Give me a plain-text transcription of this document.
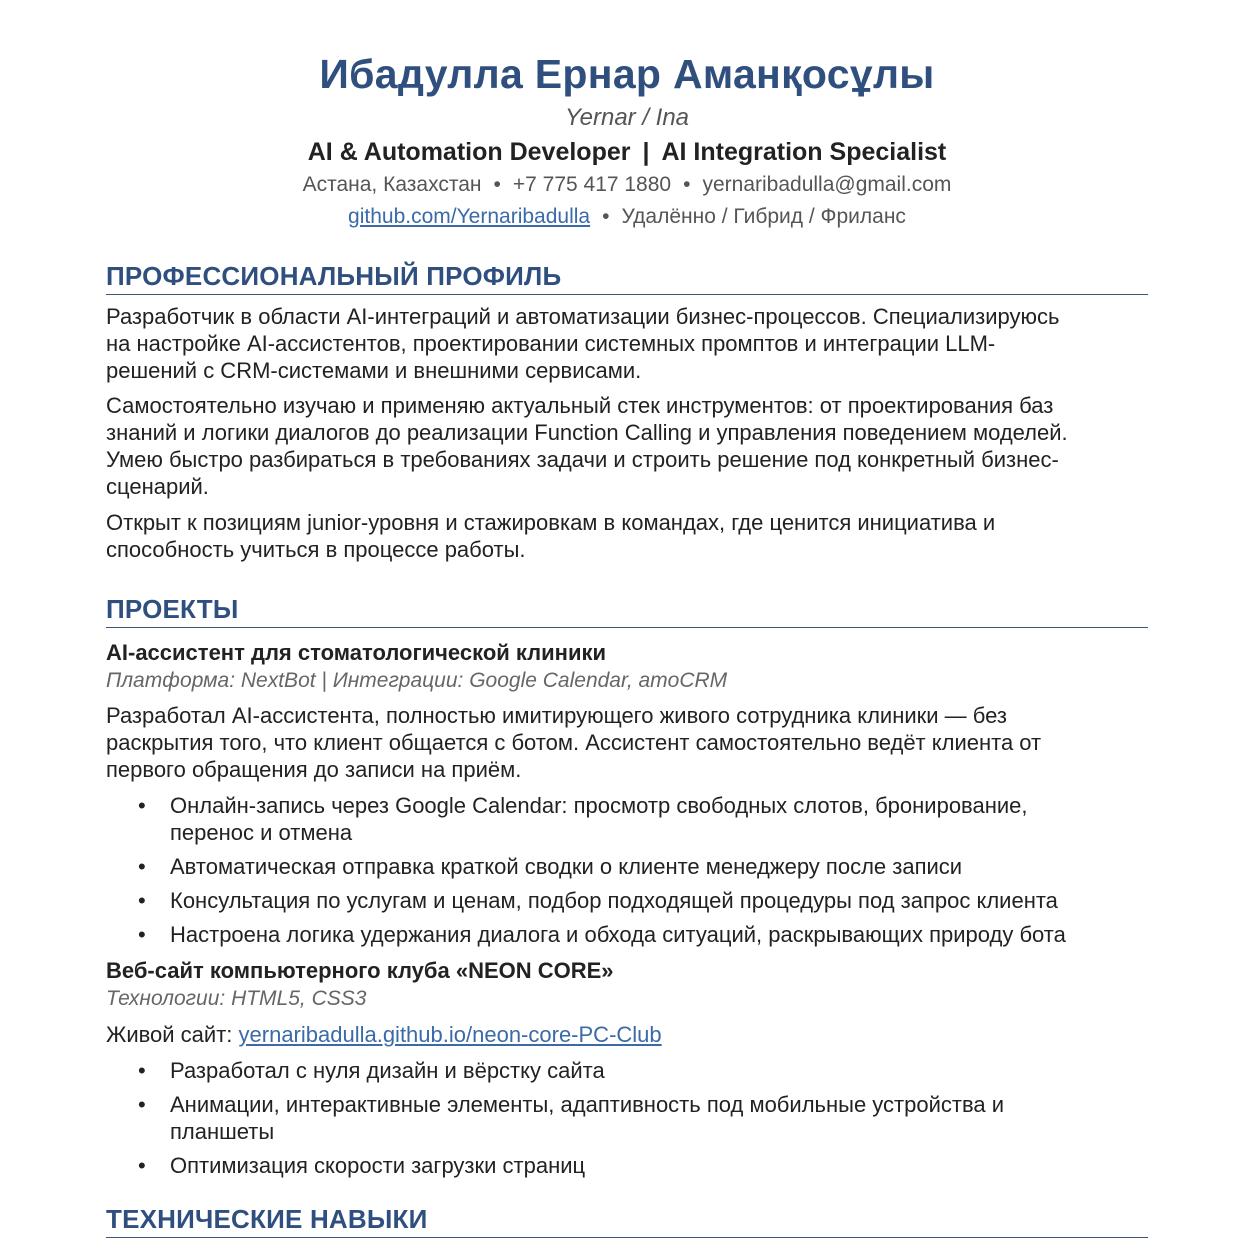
Ибадулла Ернар Аманқосұлы
Yernar / Ina
AI & Automation Developer | AI Integration Specialist
Астана, Казахстан • +7 775 417 1880 • yernaribadulla@gmail.com
github.com/Yernaribadulla • Удалённо / Гибрид / Фриланс
ПРОФЕССИОНАЛЬНЫЙ ПРОФИЛЬ
Разработчик в области AI-интеграций и автоматизации бизнес-процессов. Специализируюсь
на настройке AI-ассистентов, проектировании системных промптов и интеграции LLM-
решений с CRM-системами и внешними сервисами.
Самостоятельно изучаю и применяю актуальный стек инструментов: от проектирования баз
знаний и логики диалогов до реализации Function Calling и управления поведением моделей.
Умею быстро разбираться в требованиях задачи и строить решение под конкретный бизнес-
сценарий.
Открыт к позициям junior-уровня и стажировкам в командах, где ценится инициатива и
способность учиться в процессе работы.
ПРОЕКТЫ
AI-ассистент для стоматологической клиники
Платформа: NextBot | Интеграции: Google Calendar, amoCRM
Разработал AI-ассистента, полностью имитирующего живого сотрудника клиники — без
раскрытия того, что клиент общается с ботом. Ассистент самостоятельно ведёт клиента от
первого обращения до записи на приём.
• Онлайн-запись через Google Calendar: просмотр свободных слотов, бронирование,
перенос и отмена
• Автоматическая отправка краткой сводки о клиенте менеджеру после записи
• Консультация по услугам и ценам, подбор подходящей процедуры под запрос клиента
• Настроена логика удержания диалога и обхода ситуаций, раскрывающих природу бота
Веб-сайт компьютерного клуба «NEON CORE»
Технологии: HTML5, CSS3
Живой сайт: yernaribadulla.github.io/neon-core-PC-Club
• Разработал с нуля дизайн и вёрстку сайта
• Анимации, интерактивные элементы, адаптивность под мобильные устройства и
планшеты
• Оптимизация скорости загрузки страниц
ТЕХНИЧЕСКИЕ НАВЫКИ
